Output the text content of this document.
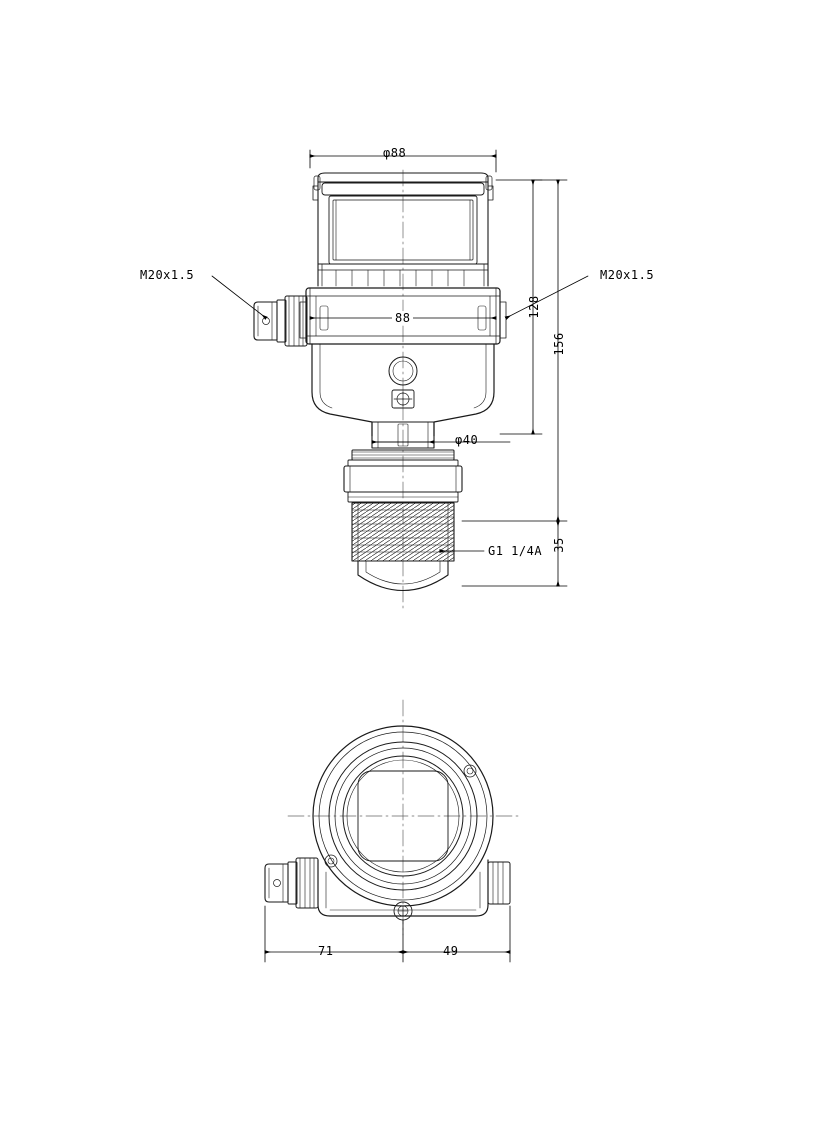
φ88
88	128
156
35
φ40
M20x1.5	M20x1.5
G1 1/4A
71	49
